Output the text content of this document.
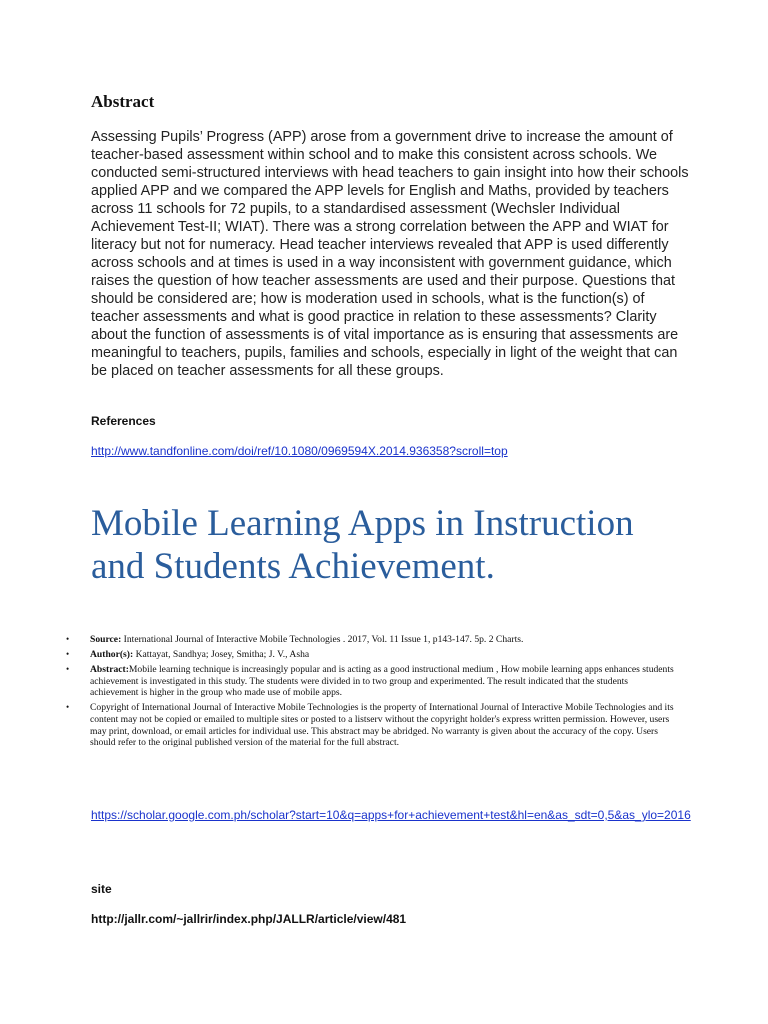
Abstract

Assessing Pupils’ Progress (APP) arose from a government drive to increase the amount of teacher-based assessment within school and to make this consistent across schools. We conducted semi-structured interviews with head teachers to gain insight into how their schools applied APP and we compared the APP levels for English and Maths, provided by teachers across 11 schools for 72 pupils, to a standardised assessment (Wechsler Individual Achievement Test-II; WIAT). There was a strong correlation between the APP and WIAT for literacy but not for numeracy. Head teacher interviews revealed that APP is used differently across schools and at times is used in a way inconsistent with government guidance, which raises the question of how teacher assessments are used and their purpose. Questions that should be considered are; how is moderation used in schools, what is the function(s) of teacher assessments and what is good practice in relation to these assessments? Clarity about the function of assessments is of vital importance as is ensuring that assessments are meaningful to teachers, pupils, families and schools, especially in light of the weight that can be placed on teacher assessments for all these groups.

References
http://www.tandfonline.com/doi/ref/10.1080/0969594X.2014.936358?scroll=top
Mobile Learning Apps in Instruction and Students Achievement.
• Source: International Journal of Interactive Mobile Technologies . 2017, Vol. 11 Issue 1, p143-147. 5p. 2 Charts.
• Author(s): Kattayat, Sandhya; Josey, Smitha; J. V., Asha
• Abstract:Mobile learning technique is increasingly popular and is acting as a good instructional medium , How mobile learning apps enhances students achievement is investigated in this study. The students were divided in to two group and experimented. The result indicated that the students achievement is higher in the group who made use of mobile apps.
• Copyright of International Journal of Interactive Mobile Technologies is the property of International Journal of Interactive Mobile Technologies and its content may not be copied or emailed to multiple sites or posted to a listserv without the copyright holder's express written permission. However, users may print, download, or email articles for individual use. This abstract may be abridged. No warranty is given about the accuracy of the copy. Users should refer to the original published version of the material for the full abstract.
https://scholar.google.com.ph/scholar?start=10&q=apps+for+achievement+test&hl=en&as_sdt=0,5&as_ylo=2016
site
http://jallr.com/~jallrir/index.php/JALLR/article/view/481
